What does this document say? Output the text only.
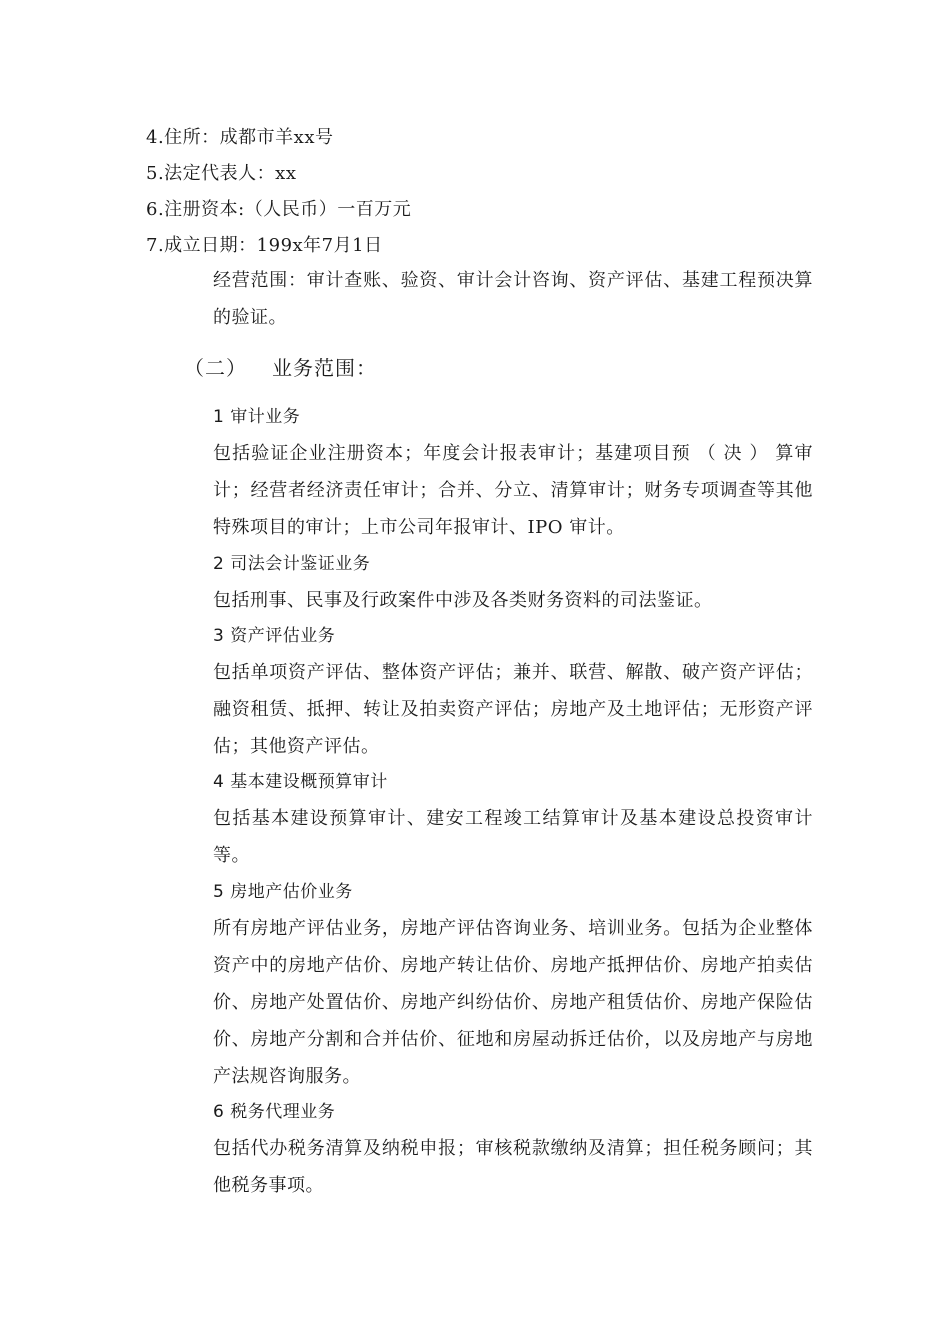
4.住所：成都市羊xx号
5.法定代表人：xx
6.注册资本:（人民币）一百万元
7.成立日期：199x年7月1日
经营范围：审计查账、验资、审计会计咨询、资产评估、基建工程预决算的验证。
（二） 业务范围：
1 审计业务
包括验证企业注册资本；年度会计报表审计；基建项目预 （ 决 ） 算审计；经营者经济责任审计；合并、分立、清算审计；财务专项调查等其他特殊项目的审计；上市公司年报审计、IPO 审计。
2 司法会计鉴证业务
包括刑事、民事及行政案件中涉及各类财务资料的司法鉴证。
3 资产评估业务
包括单项资产评估、整体资产评估；兼并、联营、解散、破产资产评估；融资租赁、抵押、转让及拍卖资产评估；房地产及土地评估；无形资产评估；其他资产评估。
4 基本建设概预算审计
包括基本建设预算审计、建安工程竣工结算审计及基本建设总投资审计等。
5 房地产估价业务
所有房地产评估业务，房地产评估咨询业务、培训业务。包括为企业整体资产中的房地产估价、房地产转让估价、房地产抵押估价、房地产拍卖估价、房地产处置估价、房地产纠纷估价、房地产租赁估价、房地产保险估价、房地产分割和合并估价、征地和房屋动拆迁估价，以及房地产与房地产法规咨询服务。
6 税务代理业务
包括代办税务清算及纳税申报；审核税款缴纳及清算；担任税务顾问；其他税务事项。
